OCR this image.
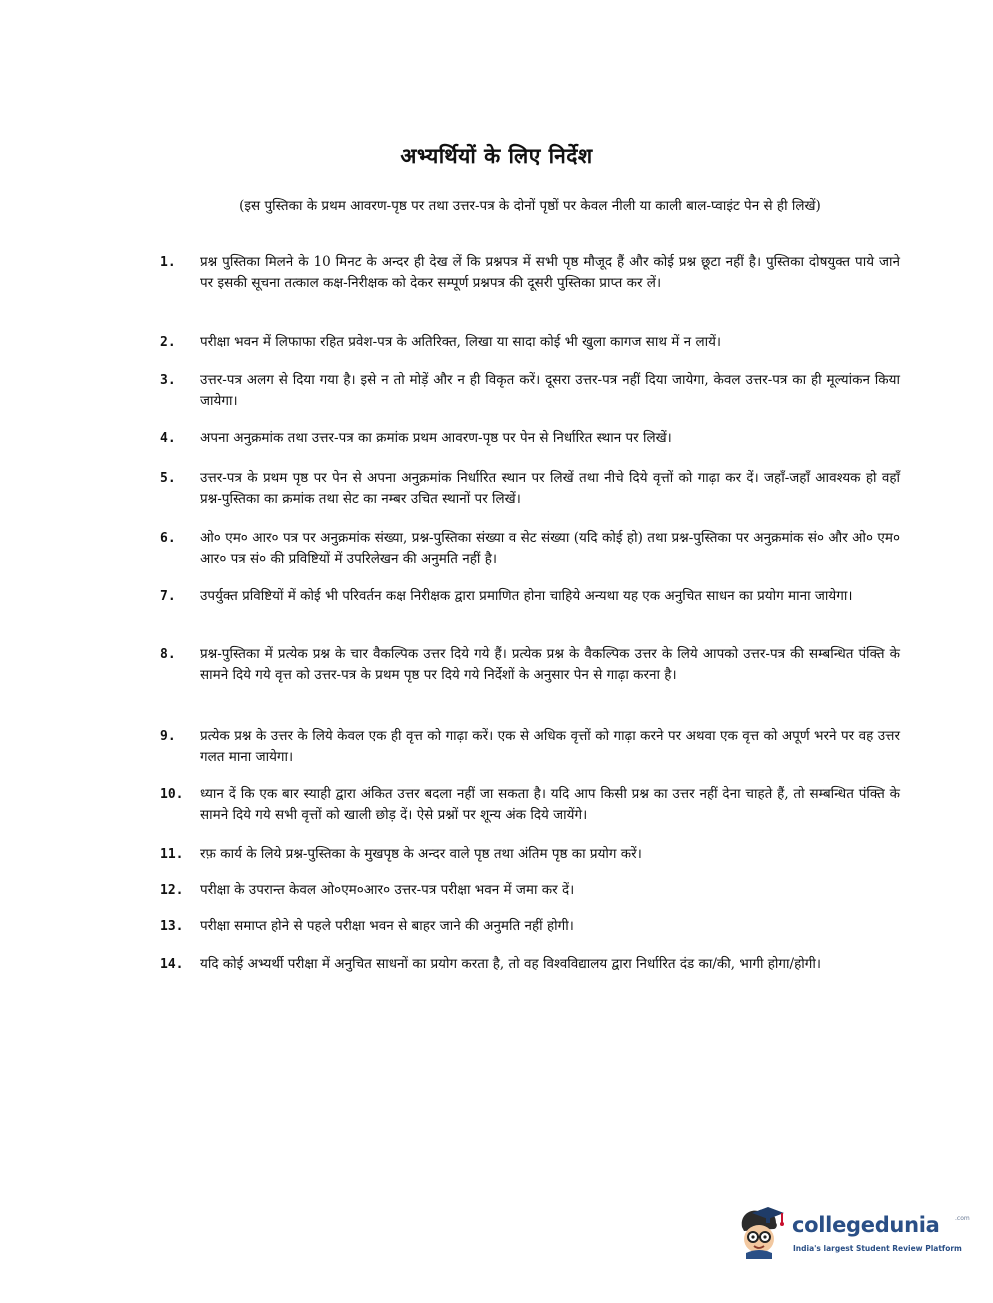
अभ्यर्थियों के लिए निर्देश
(इस पुस्तिका के प्रथम आवरण-पृष्ठ पर तथा उत्तर-पत्र के दोनों पृष्ठों पर केवल नीली या काली बाल-प्वाइंट पेन से ही लिखें)
1. प्रश्न पुस्तिका मिलने के 10 मिनट के अन्दर ही देख लें कि प्रश्नपत्र में सभी पृष्ठ मौजूद हैं और कोई प्रश्न छूटा नहीं है। पुस्तिका दोषयुक्त पाये जाने पर इसकी सूचना तत्काल कक्ष-निरीक्षक को देकर सम्पूर्ण प्रश्नपत्र की दूसरी पुस्तिका प्राप्त कर लें।
2. परीक्षा भवन में लिफाफा रहित प्रवेश-पत्र के अतिरिक्त, लिखा या सादा कोई भी खुला कागज साथ में न लायें।
3. उत्तर-पत्र अलग से दिया गया है। इसे न तो मोड़ें और न ही विकृत करें। दूसरा उत्तर-पत्र नहीं दिया जायेगा, केवल उत्तर-पत्र का ही मूल्यांकन किया जायेगा।
4. अपना अनुक्रमांक तथा उत्तर-पत्र का क्रमांक प्रथम आवरण-पृष्ठ पर पेन से निर्धारित स्थान पर लिखें।
5. उत्तर-पत्र के प्रथम पृष्ठ पर पेन से अपना अनुक्रमांक निर्धारित स्थान पर लिखें तथा नीचे दिये वृत्तों को गाढ़ा कर दें। जहाँ-जहाँ आवश्यक हो वहाँ प्रश्न-पुस्तिका का क्रमांक तथा सेट का नम्बर उचित स्थानों पर लिखें।
6. ओ० एम० आर० पत्र पर अनुक्रमांक संख्या, प्रश्न-पुस्तिका संख्या व सेट संख्या (यदि कोई हो) तथा प्रश्न-पुस्तिका पर अनुक्रमांक सं० और ओ० एम० आर० पत्र सं० की प्रविष्टियों में उपरिलेखन की अनुमति नहीं है।
7. उपर्युक्त प्रविष्टियों में कोई भी परिवर्तन कक्ष निरीक्षक द्वारा प्रमाणित होना चाहिये अन्यथा यह एक अनुचित साधन का प्रयोग माना जायेगा।
8. प्रश्न-पुस्तिका में प्रत्येक प्रश्न के चार वैकल्पिक उत्तर दिये गये हैं। प्रत्येक प्रश्न के वैकल्पिक उत्तर के लिये आपको उत्तर-पत्र की सम्बन्धित पंक्ति के सामने दिये गये वृत्त को उत्तर-पत्र के प्रथम पृष्ठ पर दिये गये निर्देशों के अनुसार पेन से गाढ़ा करना है।
9. प्रत्येक प्रश्न के उत्तर के लिये केवल एक ही वृत्त को गाढ़ा करें। एक से अधिक वृत्तों को गाढ़ा करने पर अथवा एक वृत्त को अपूर्ण भरने पर वह उत्तर गलत माना जायेगा।
10. ध्यान दें कि एक बार स्याही द्वारा अंकित उत्तर बदला नहीं जा सकता है। यदि आप किसी प्रश्न का उत्तर नहीं देना चाहते हैं, तो सम्बन्धित पंक्ति के सामने दिये गये सभी वृत्तों को खाली छोड़ दें। ऐसे प्रश्नों पर शून्य अंक दिये जायेंगे।
11. रफ़ कार्य के लिये प्रश्न-पुस्तिका के मुखपृष्ठ के अन्दर वाले पृष्ठ तथा अंतिम पृष्ठ का प्रयोग करें।
12. परीक्षा के उपरान्त केवल ओ०एम०आर० उत्तर-पत्र परीक्षा भवन में जमा कर दें।
13. परीक्षा समाप्त होने से पहले परीक्षा भवन से बाहर जाने की अनुमति नहीं होगी।
14. यदि कोई अभ्यर्थी परीक्षा में अनुचित साधनों का प्रयोग करता है, तो वह विश्वविद्यालय द्वारा निर्धारित दंड का/की, भागी होगा/होगी।
collegedunia	.com
India's largest Student Review Platform
